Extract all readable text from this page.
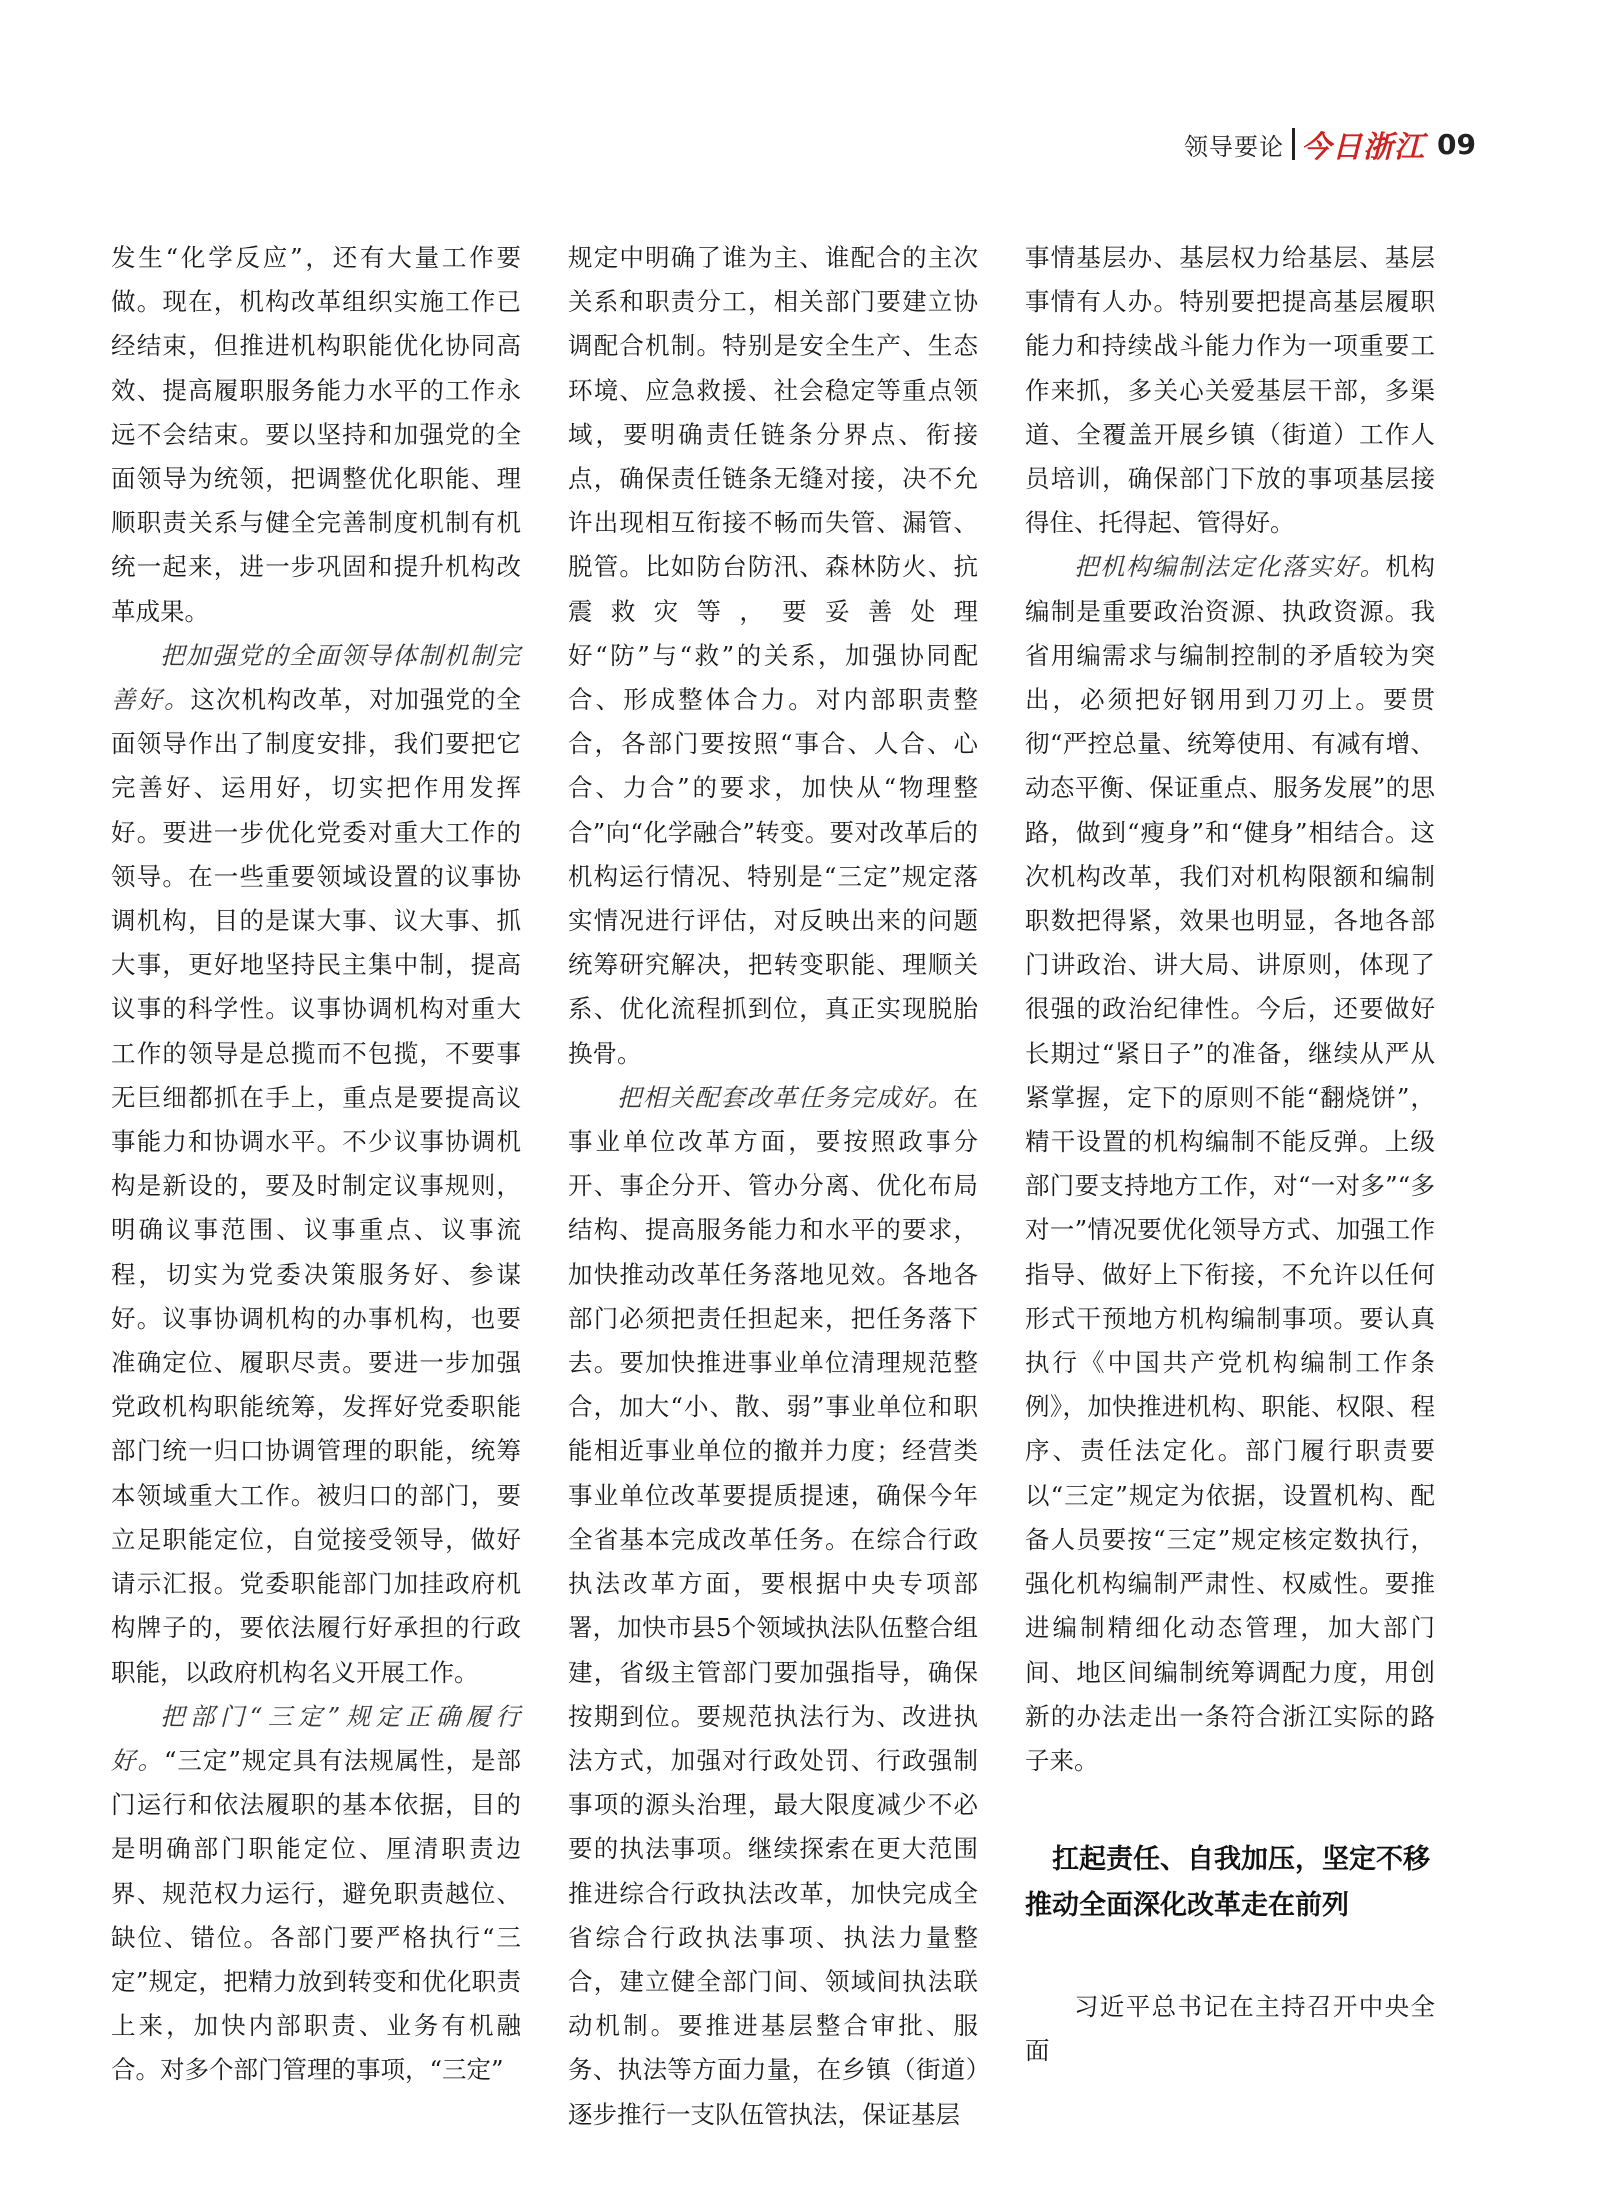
领导要论 今日浙江 09

发生“化学反应”，还有大量工作要做。现在，机构改革组织实施工作已经结束，但推进机构职能优化协同高效、提高履职服务能力水平的工作永远不会结束。要以坚持和加强党的全面领导为统领，把调整优化职能、理顺职责关系与健全完善制度机制有机统一起来，进一步巩固和提升机构改革成果。

把加强党的全面领导体制机制完善好。这次机构改革，对加强党的全面领导作出了制度安排，我们要把它完善好、运用好，切实把作用发挥好。要进一步优化党委对重大工作的领导。在一些重要领域设置的议事协调机构，目的是谋大事、议大事、抓大事，更好地坚持民主集中制，提高议事的科学性。议事协调机构对重大工作的领导是总揽而不包揽，不要事无巨细都抓在手上，重点是要提高议事能力和协调水平。不少议事协调机构是新设的，要及时制定议事规则，明确议事范围、议事重点、议事流程，切实为党委决策服务好、参谋好。议事协调机构的办事机构，也要准确定位、履职尽责。要进一步加强党政机构职能统筹，发挥好党委职能部门统一归口协调管理的职能，统筹本领域重大工作。被归口的部门，要立足职能定位，自觉接受领导，做好请示汇报。党委职能部门加挂政府机构牌子的，要依法履行好承担的行政职能，以政府机构名义开展工作。

把部门“三定”规定正确履行好。“三定”规定具有法规属性，是部门运行和依法履职的基本依据，目的是明确部门职能定位、厘清职责边界、规范权力运行，避免职责越位、缺位、错位。各部门要严格执行“三定”规定，把精力放到转变和优化职责上来，加快内部职责、业务有机融合。对多个部门管理的事项，“三定”

规定中明确了谁为主、谁配合的主次关系和职责分工，相关部门要建立协调配合机制。特别是安全生产、生态环境、应急救援、社会稳定等重点领域，要明确责任链条分界点、衔接点，确保责任链条无缝对接，决不允许出现相互衔接不畅而失管、漏管、脱管。比如防台防汛、森林防火、抗震救灾等，要妥善处理好“防”与“救”的关系，加强协同配合、形成整体合力。对内部职责整合，各部门要按照“事合、人合、心合、力合”的要求，加快从“物理整合”向“化学融合”转变。要对改革后的机构运行情况、特别是“三定”规定落实情况进行评估，对反映出来的问题统筹研究解决，把转变职能、理顺关系、优化流程抓到位，真正实现脱胎换骨。

把相关配套改革任务完成好。在事业单位改革方面，要按照政事分开、事企分开、管办分离、优化布局结构、提高服务能力和水平的要求，加快推动改革任务落地见效。各地各部门必须把责任担起来，把任务落下去。要加快推进事业单位清理规范整合，加大“小、散、弱”事业单位和职能相近事业单位的撤并力度；经营类事业单位改革要提质提速，确保今年全省基本完成改革任务。在综合行政执法改革方面，要根据中央专项部署，加快市县5个领域执法队伍整合组建，省级主管部门要加强指导，确保按期到位。要规范执法行为、改进执法方式，加强对行政处罚、行政强制事项的源头治理，最大限度减少不必要的执法事项。继续探索在更大范围推进综合行政执法改革，加快完成全省综合行政执法事项、执法力量整合，建立健全部门间、领域间执法联动机制。要推进基层整合审批、服务、执法等方面力量，在乡镇（街道）逐步推行一支队伍管执法，保证基层

事情基层办、基层权力给基层、基层事情有人办。特别要把提高基层履职能力和持续战斗能力作为一项重要工作来抓，多关心关爱基层干部，多渠道、全覆盖开展乡镇（街道）工作人员培训，确保部门下放的事项基层接得住、托得起、管得好。

把机构编制法定化落实好。机构编制是重要政治资源、执政资源。我省用编需求与编制控制的矛盾较为突出，必须把好钢用到刀刃上。要贯彻“严控总量、统筹使用、有减有增、动态平衡、保证重点、服务发展”的思路，做到“瘦身”和“健身”相结合。这次机构改革，我们对机构限额和编制职数把得紧，效果也明显，各地各部门讲政治、讲大局、讲原则，体现了很强的政治纪律性。今后，还要做好长期过“紧日子”的准备，继续从严从紧掌握，定下的原则不能“翻烧饼”，精干设置的机构编制不能反弹。上级部门要支持地方工作，对“一对多”“多对一”情况要优化领导方式、加强工作指导、做好上下衔接，不允许以任何形式干预地方机构编制事项。要认真执行《中国共产党机构编制工作条例》，加快推进机构、职能、权限、程序、责任法定化。部门履行职责要以“三定”规定为依据，设置机构、配备人员要按“三定”规定核定数执行，强化机构编制严肃性、权威性。要推进编制精细化动态管理，加大部门间、地区间编制统筹调配力度，用创新的办法走出一条符合浙江实际的路子来。

扛起责任、自我加压，坚定不移推动全面深化改革走在前列

习近平总书记在主持召开中央全面
